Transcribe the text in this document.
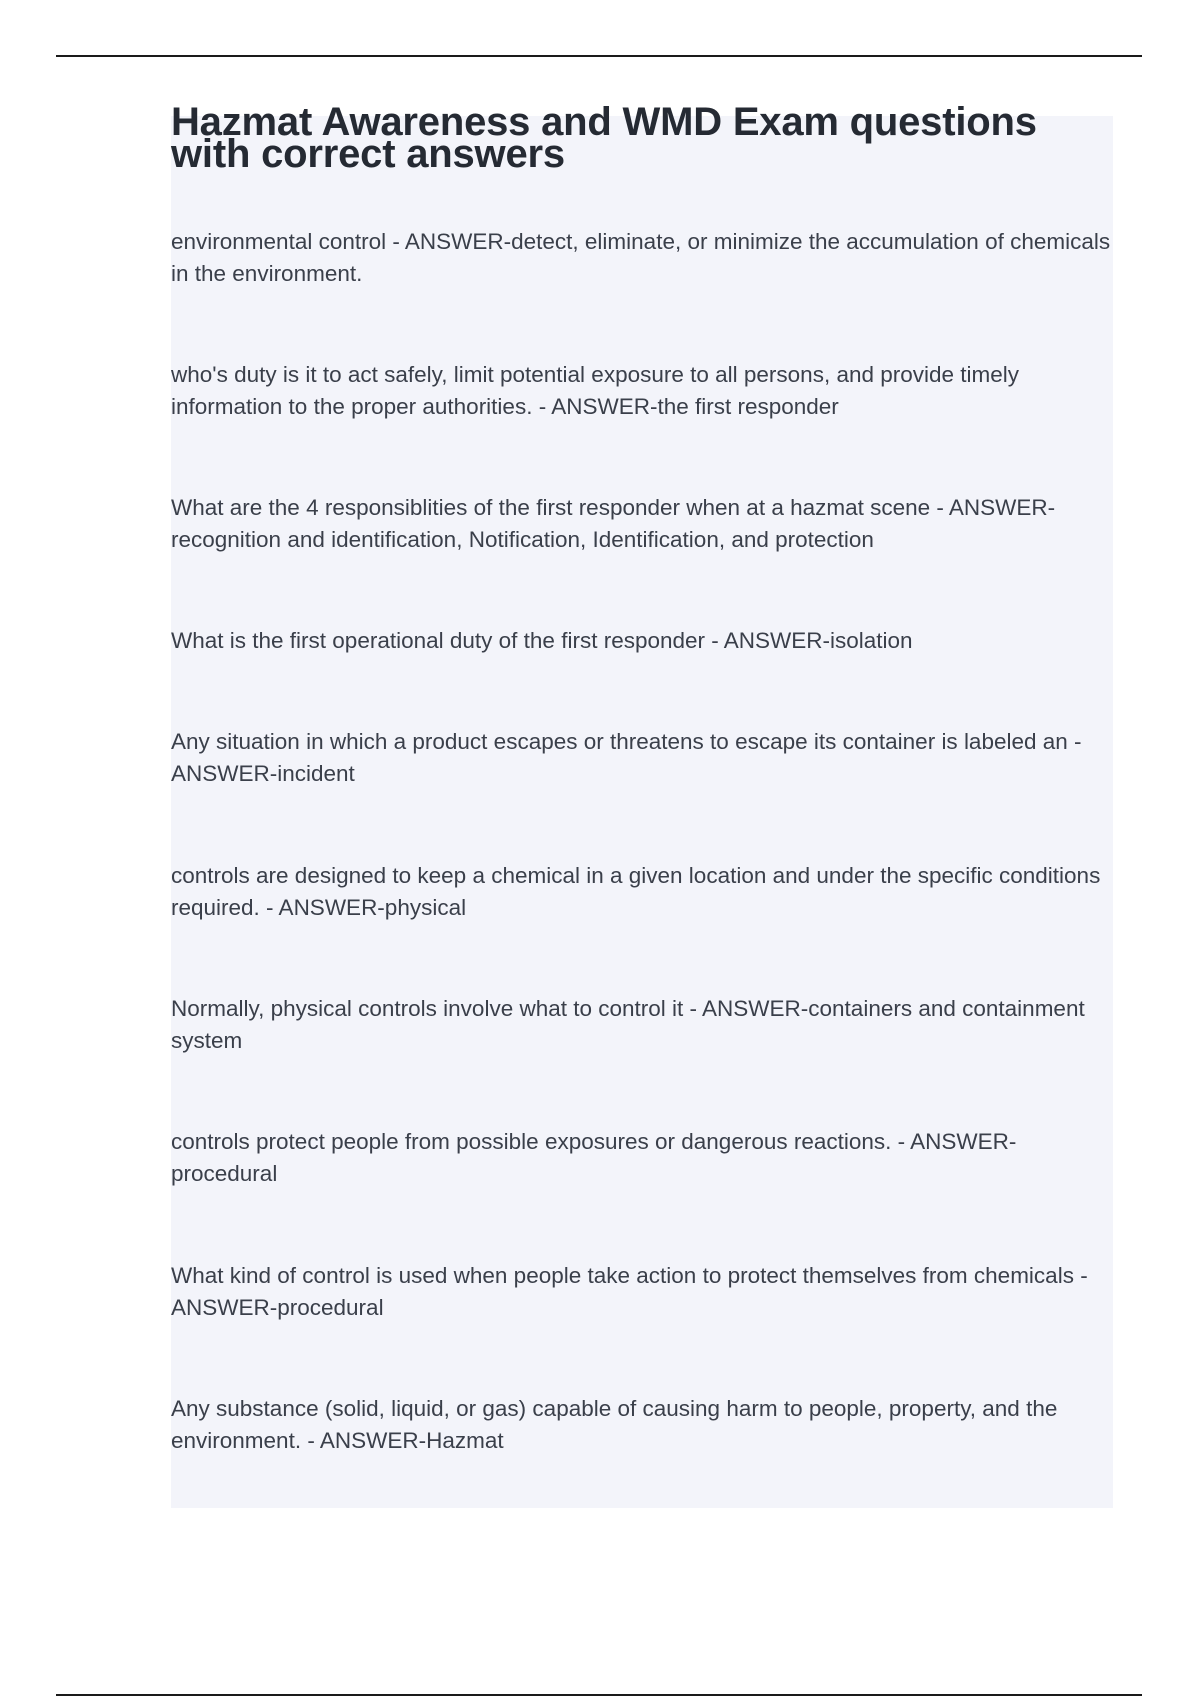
Hazmat Awareness and WMD Exam questions with correct answers
environmental control - ANSWER-detect, eliminate, or minimize the accumulation of chemicals in the environment.
who's duty is it to act safely, limit potential exposure to all persons, and provide timely information to the proper authorities. - ANSWER-the first responder
What are the 4 responsiblities of the first responder when at a hazmat scene - ANSWER-recognition and identification, Notification, Identification, and protection
What is the first operational duty of the first responder - ANSWER-isolation
Any situation in which a product escapes or threatens to escape its container is labeled an - ANSWER-incident
controls are designed to keep a chemical in a given location and under the specific conditions required. - ANSWER-physical
Normally, physical controls involve what to control it - ANSWER-containers and containment system
controls protect people from possible exposures or dangerous reactions. - ANSWER-procedural
What kind of control is used when people take action to protect themselves from chemicals - ANSWER-procedural
Any substance (solid, liquid, or gas) capable of causing harm to people, property, and the environment. - ANSWER-Hazmat
